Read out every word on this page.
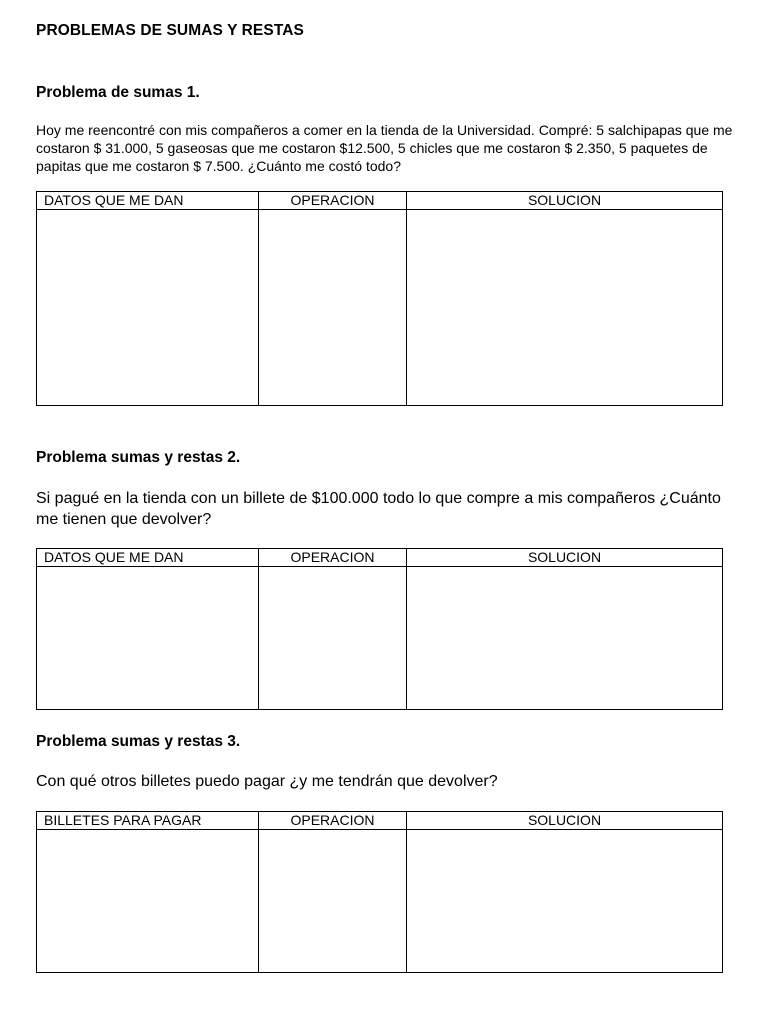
PROBLEMAS DE SUMAS Y RESTAS
Problema de sumas 1.
Hoy me reencontré con mis compañeros a comer en la tienda de la Universidad. Compré: 5 salchipapas que me costaron $ 31.000, 5 gaseosas que me costaron $12.500, 5 chicles que me costaron $ 2.350, 5 paquetes de papitas que me costaron $ 7.500. ¿Cuánto me costó todo?
DATOS QUE ME DAN	OPERACION	SOLUCION

Problema sumas y restas 2.
Si pagué en la tienda con un billete de $100.000 todo lo que compre a mis compañeros ¿Cuánto me tienen que devolver?
DATOS QUE ME DAN	OPERACION	SOLUCION

Problema sumas y restas 3.
Con qué otros billetes puedo pagar ¿y me tendrán que devolver?
BILLETES PARA PAGAR	OPERACION	SOLUCION
